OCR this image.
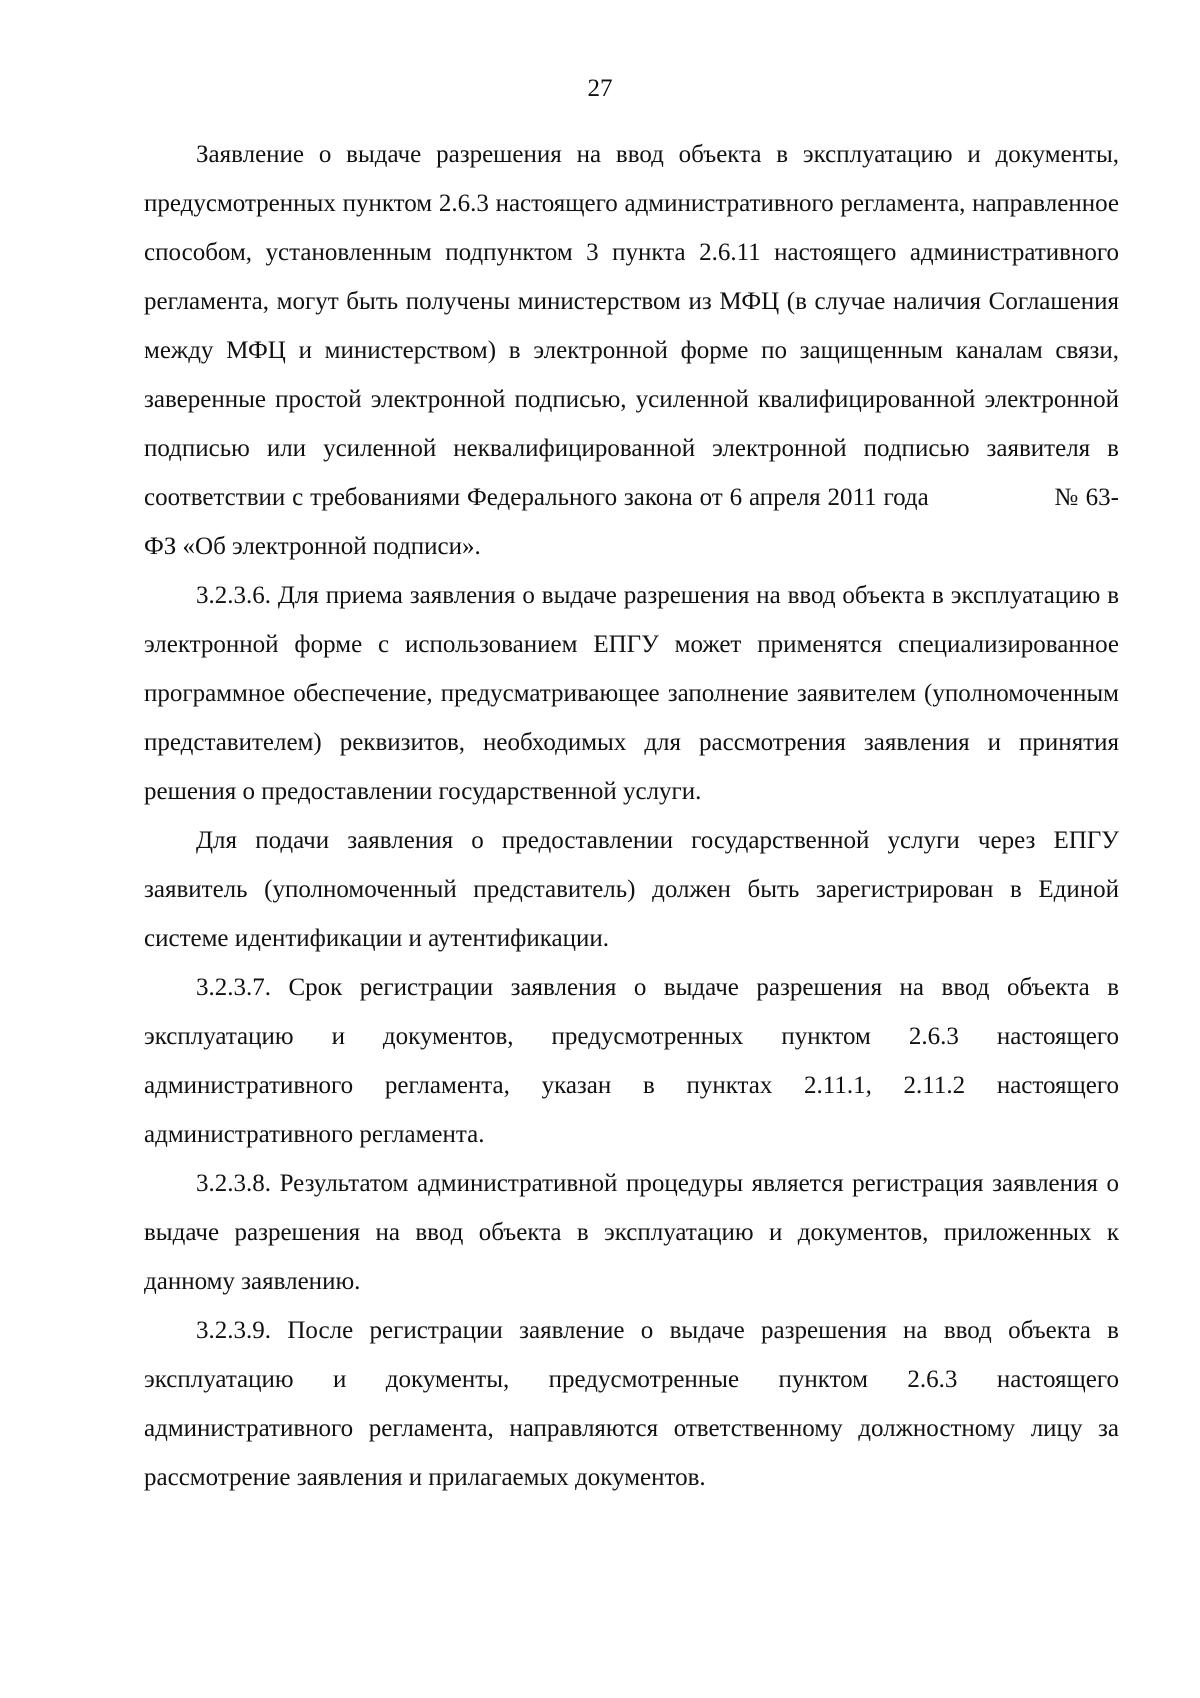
27

Заявление о выдаче разрешения на ввод объекта в эксплуатацию и документы, предусмотренных пунктом 2.6.3 настоящего административного регламента, направленное способом, установленным подпунктом 3 пункта 2.6.11 настоящего административного регламента, могут быть получены министерством из МФЦ (в случае наличия Соглашения между МФЦ и министерством) в электронной форме по защищенным каналам связи, заверенные простой электронной подписью, усиленной квалифицированной электронной подписью или усиленной неквалифицированной электронной подписью заявителя в соответствии с требованиями Федерального закона от 6 апреля 2011 года	№ 63-ФЗ «Об электронной подписи».

3.2.3.6. Для приема заявления о выдаче разрешения на ввод объекта в эксплуатацию в электронной форме с использованием ЕПГУ может применятся специализированное программное обеспечение, предусматривающее заполнение заявителем (уполномоченным представителем) реквизитов, необходимых для рассмотрения заявления и принятия решения о предоставлении государственной услуги.

Для подачи заявления о предоставлении государственной услуги через ЕПГУ заявитель (уполномоченный представитель) должен быть зарегистрирован в Единой системе идентификации и аутентификации.

3.2.3.7. Срок регистрации заявления о выдаче разрешения на ввод объекта в эксплуатацию и документов, предусмотренных пунктом 2.6.3 настоящего административного регламента, указан в пунктах 2.11.1, 2.11.2 настоящего административного регламента.

3.2.3.8. Результатом административной процедуры является регистрация заявления о выдаче разрешения на ввод объекта в эксплуатацию и документов, приложенных к данному заявлению.

3.2.3.9. После регистрации заявление о выдаче разрешения на ввод объекта в эксплуатацию и документы, предусмотренные пунктом 2.6.3 настоящего административного регламента, направляются ответственному должностному лицу за рассмотрение заявления и прилагаемых документов.
